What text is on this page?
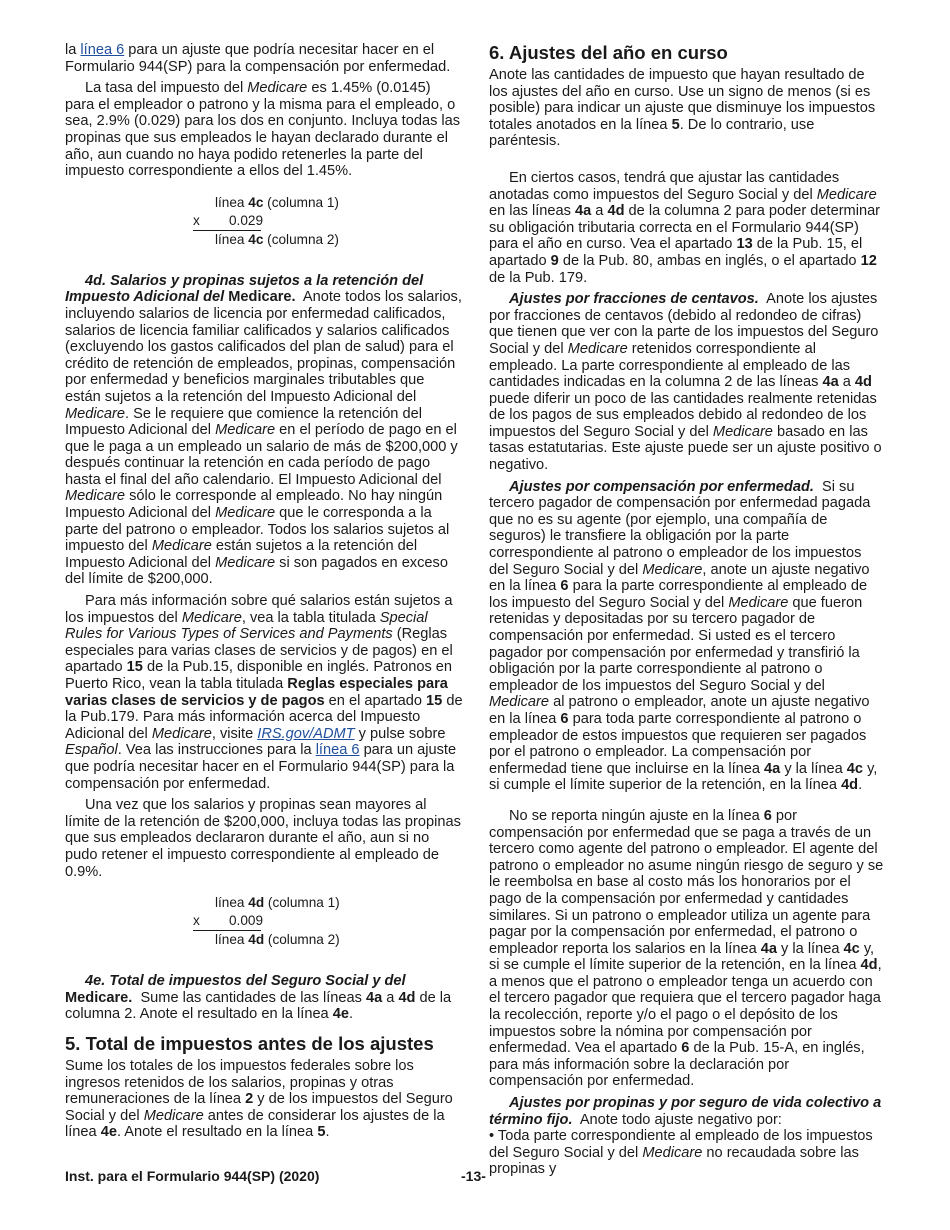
la línea 6 para un ajuste que podría necesitar hacer en el Formulario 944(SP) para la compensación por enfermedad.

La tasa del impuesto del Medicare es 1.45% (0.0145) para el empleador o patrono y la misma para el empleado, o sea, 2.9% (0.029) para los dos en conjunto. Incluya todas las propinas que sus empleados le hayan declarado durante el año, aun cuando no haya podido retenerles la parte del impuesto correspondiente a ellos del 1.45%.

línea 4c (columna 1)
x 0.029
línea 4c (columna 2)

4d. Salarios y propinas sujetos a la retención del Impuesto Adicional del Medicare. Anote todos los salarios, incluyendo salarios de licencia por enfermedad calificados, salarios de licencia familiar calificados y salarios calificados (excluyendo los gastos calificados del plan de salud) para el crédito de retención de empleados, propinas, compensación por enfermedad y beneficios marginales tributables que están sujetos a la retención del Impuesto Adicional del Medicare. Se le requiere que comience la retención del Impuesto Adicional del Medicare en el período de pago en el que le paga a un empleado un salario de más de $200,000 y después continuar la retención en cada período de pago hasta el final del año calendario. El Impuesto Adicional del Medicare sólo le corresponde al empleado. No hay ningún Impuesto Adicional del Medicare que le corresponda a la parte del patrono o empleador. Todos los salarios sujetos al impuesto del Medicare están sujetos a la retención del Impuesto Adicional del Medicare si son pagados en exceso del límite de $200,000.

Para más información sobre qué salarios están sujetos a los impuestos del Medicare, vea la tabla titulada Special Rules for Various Types of Services and Payments (Reglas especiales para varias clases de servicios y de pagos) en el apartado 15 de la Pub.15, disponible en inglés. Patronos en Puerto Rico, vean la tabla titulada Reglas especiales para varias clases de servicios y de pagos en el apartado 15 de la Pub.179. Para más información acerca del Impuesto Adicional del Medicare, visite IRS.gov/ADMT y pulse sobre Español. Vea las instrucciones para la línea 6 para un ajuste que podría necesitar hacer en el Formulario 944(SP) para la compensación por enfermedad.

Una vez que los salarios y propinas sean mayores al límite de la retención de $200,000, incluya todas las propinas que sus empleados declararon durante el año, aun si no pudo retener el impuesto correspondiente al empleado de 0.9%.

línea 4d (columna 1)
x 0.009
línea 4d (columna 2)

4e. Total de impuestos del Seguro Social y del Medicare. Sume las cantidades de las líneas 4a a 4d de la columna 2. Anote el resultado en la línea 4e.

5. Total de impuestos antes de los ajustes

Sume los totales de los impuestos federales sobre los ingresos retenidos de los salarios, propinas y otras remuneraciones de la línea 2 y de los impuestos del Seguro Social y del Medicare antes de considerar los ajustes de la línea 4e. Anote el resultado en la línea 5.

6. Ajustes del año en curso

Anote las cantidades de impuesto que hayan resultado de los ajustes del año en curso. Use un signo de menos (si es posible) para indicar un ajuste que disminuye los impuestos totales anotados en la línea 5. De lo contrario, use paréntesis.

En ciertos casos, tendrá que ajustar las cantidades anotadas como impuestos del Seguro Social y del Medicare en las líneas 4a a 4d de la columna 2 para poder determinar su obligación tributaria correcta en el Formulario 944(SP) para el año en curso. Vea el apartado 13 de la Pub. 15, el apartado 9 de la Pub. 80, ambas en inglés, o el apartado 12 de la Pub. 179.

Ajustes por fracciones de centavos. Anote los ajustes por fracciones de centavos (debido al redondeo de cifras) que tienen que ver con la parte de los impuestos del Seguro Social y del Medicare retenidos correspondiente al empleado. La parte correspondiente al empleado de las cantidades indicadas en la columna 2 de las líneas 4a a 4d puede diferir un poco de las cantidades realmente retenidas de los pagos de sus empleados debido al redondeo de los impuestos del Seguro Social y del Medicare basado en las tasas estatutarias. Este ajuste puede ser un ajuste positivo o negativo.

Ajustes por compensación por enfermedad. Si su tercero pagador de compensación por enfermedad pagada que no es su agente (por ejemplo, una compañía de seguros) le transfiere la obligación por la parte correspondiente al patrono o empleador de los impuestos del Seguro Social y del Medicare, anote un ajuste negativo en la línea 6 para la parte correspondiente al empleado de los impuesto del Seguro Social y del Medicare que fueron retenidas y depositadas por su tercero pagador de compensación por enfermedad. Si usted es el tercero pagador por compensación por enfermedad y transfirió la obligación por la parte correspondiente al patrono o empleador de los impuestos del Seguro Social y del Medicare al patrono o empleador, anote un ajuste negativo en la línea 6 para toda parte correspondiente al patrono o empleador de estos impuestos que requieren ser pagados por el patrono o empleador. La compensación por enfermedad tiene que incluirse en la línea 4a y la línea 4c y, si cumple el límite superior de la retención, en la línea 4d.

No se reporta ningún ajuste en la línea 6 por compensación por enfermedad que se paga a través de un tercero como agente del patrono o empleador. El agente del patrono o empleador no asume ningún riesgo de seguro y se le reembolsa en base al costo más los honorarios por el pago de la compensación por enfermedad y cantidades similares. Si un patrono o empleador utiliza un agente para pagar por la compensación por enfermedad, el patrono o empleador reporta los salarios en la línea 4a y la línea 4c y, si se cumple el límite superior de la retención, en la línea 4d, a menos que el patrono o empleador tenga un acuerdo con el tercero pagador que requiera que el tercero pagador haga la recolección, reporte y/o el pago o el depósito de los impuestos sobre la nómina por compensación por enfermedad. Vea el apartado 6 de la Pub. 15-A, en inglés, para más información sobre la declaración por compensación por enfermedad.

Ajustes por propinas y por seguro de vida colectivo a término fijo. Anote todo ajuste negativo por:

• Toda parte correspondiente al empleado de los impuestos del Seguro Social y del Medicare no recaudada sobre las propinas y

Inst. para el Formulario 944(SP) (2020)	-13-
